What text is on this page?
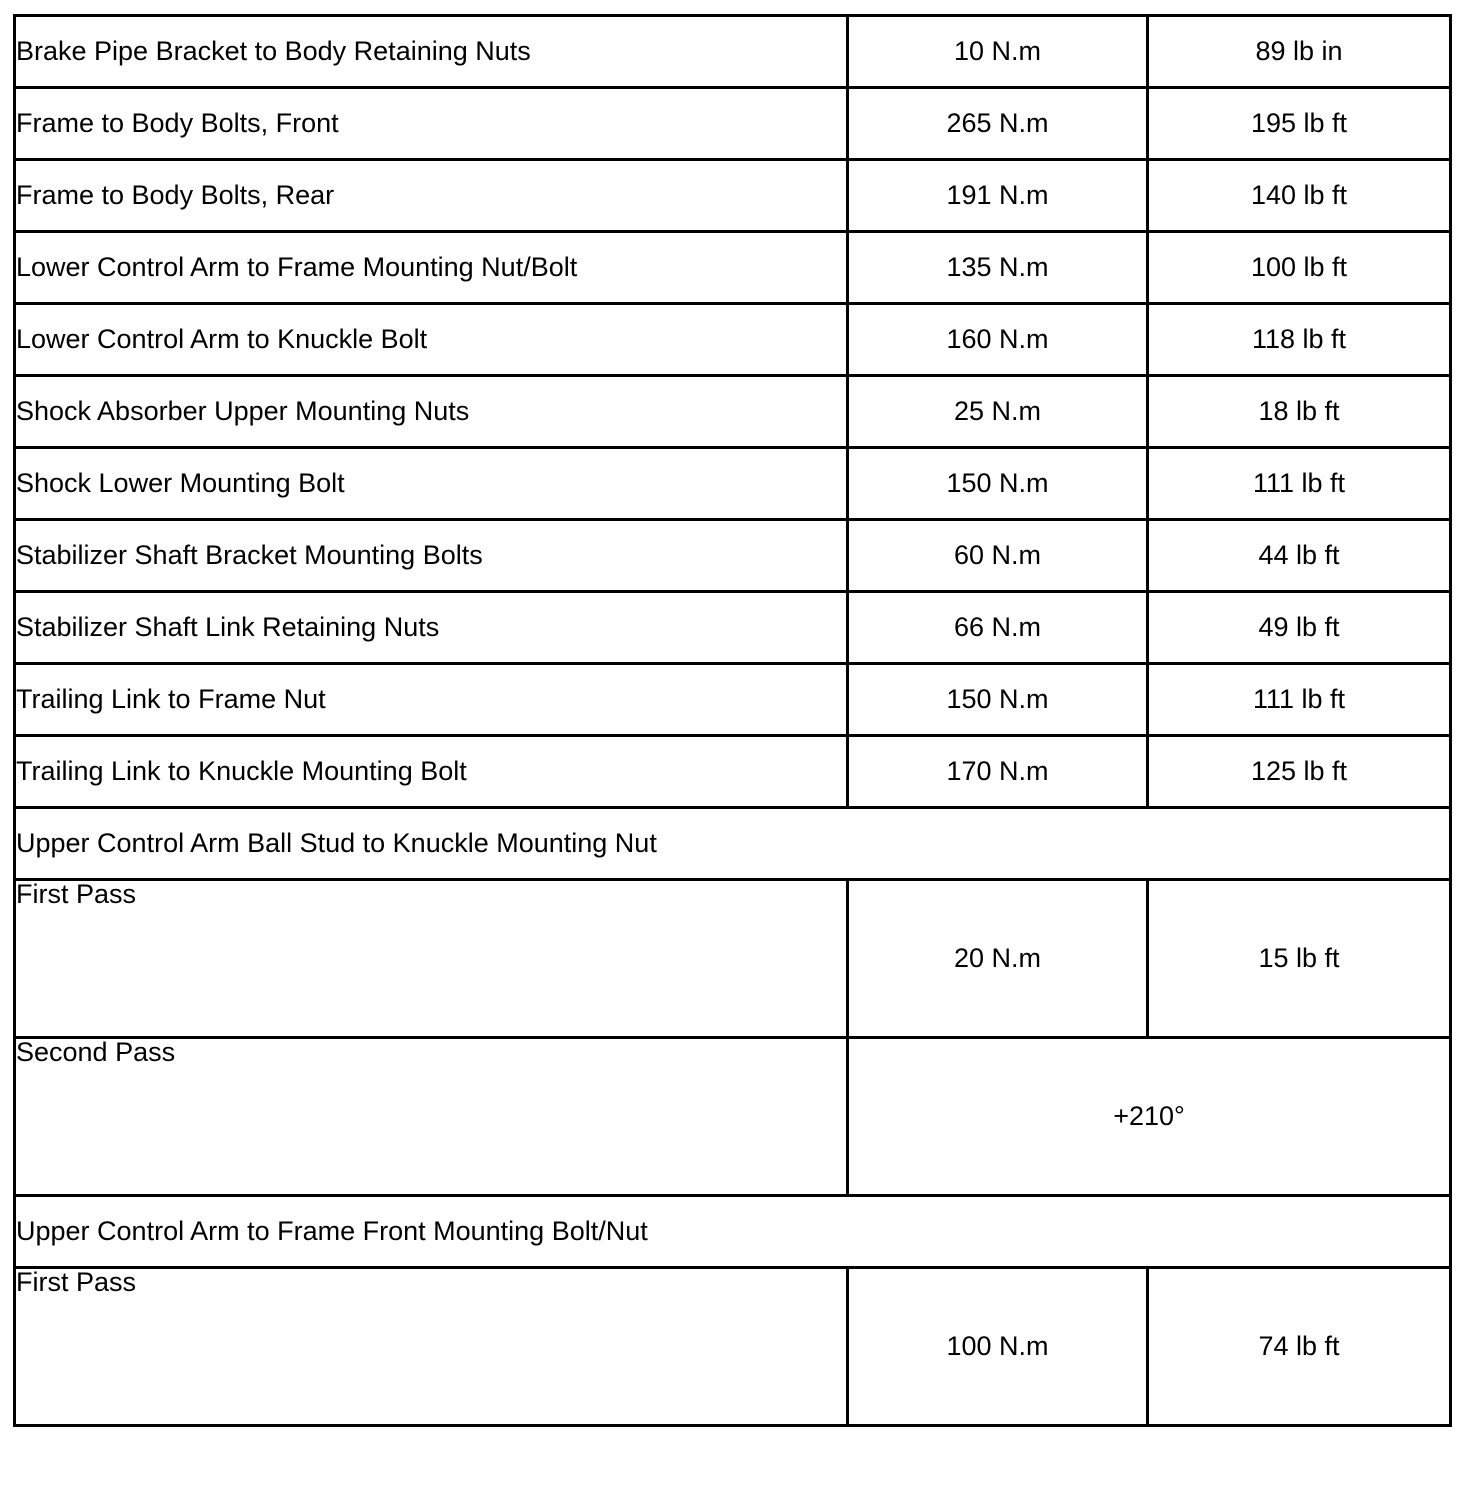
Brake Pipe Bracket to Body Retaining Nuts	10 N.m	89 lb in
Frame to Body Bolts, Front	265 N.m	195 lb ft
Frame to Body Bolts, Rear	191 N.m	140 lb ft
Lower Control Arm to Frame Mounting Nut/Bolt	135 N.m	100 lb ft
Lower Control Arm to Knuckle Bolt	160 N.m	118 lb ft
Shock Absorber Upper Mounting Nuts	25 N.m	18 lb ft
Shock Lower Mounting Bolt	150 N.m	111 lb ft
Stabilizer Shaft Bracket Mounting Bolts	60 N.m	44 lb ft
Stabilizer Shaft Link Retaining Nuts	66 N.m	49 lb ft
Trailing Link to Frame Nut	150 N.m	111 lb ft
Trailing Link to Knuckle Mounting Bolt	170 N.m	125 lb ft
Upper Control Arm Ball Stud to Knuckle Mounting Nut		
First Pass	20 N.m	15 lb ft
Second Pass	+210°	
Upper Control Arm to Frame Front Mounting Bolt/Nut		
First Pass	100 N.m	74 lb ft
